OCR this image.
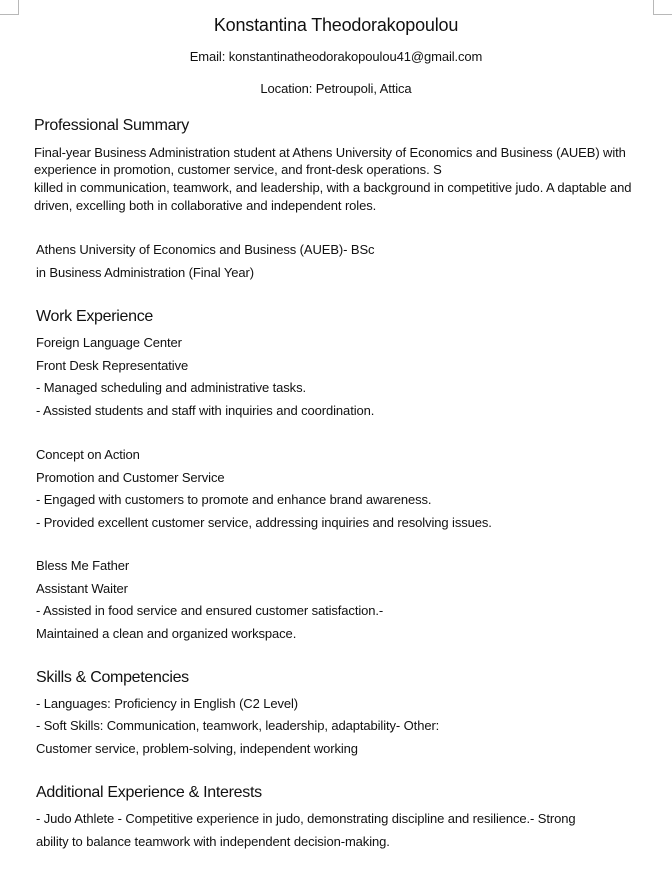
Konstantina Theodorakopoulou
Email: konstantinatheodorakopoulou41@gmail.com
Location: Petroupoli, Attica
Professional Summary
Final-year Business Administration student at Athens University of Economics and Business (AUEB) with
experience in promotion, customer service, and front-desk operations. S
killed in communication, teamwork, and leadership, with a background in competitive judo. A daptable and
driven, excelling both in collaborative and independent roles.
Athens University of Economics and Business (AUEB)- BSc
in Business Administration (Final Year)
Work Experience
Foreign Language Center
Front Desk Representative
- Managed scheduling and administrative tasks.
- Assisted students and staff with inquiries and coordination.
Concept on Action
Promotion and Customer Service
- Engaged with customers to promote and enhance brand awareness.
- Provided excellent customer service, addressing inquiries and resolving issues.
Bless Me Father
Assistant Waiter
- Assisted in food service and ensured customer satisfaction.-
Maintained a clean and organized workspace.
Skills & Competencies
- Languages: Proficiency in English (C2 Level)
- Soft Skills: Communication, teamwork, leadership, adaptability- Other:
Customer service, problem-solving, independent working
Additional Experience & Interests
- Judo Athlete - Competitive experience in judo, demonstrating discipline and resilience.- Strong
ability to balance teamwork with independent decision-making.
